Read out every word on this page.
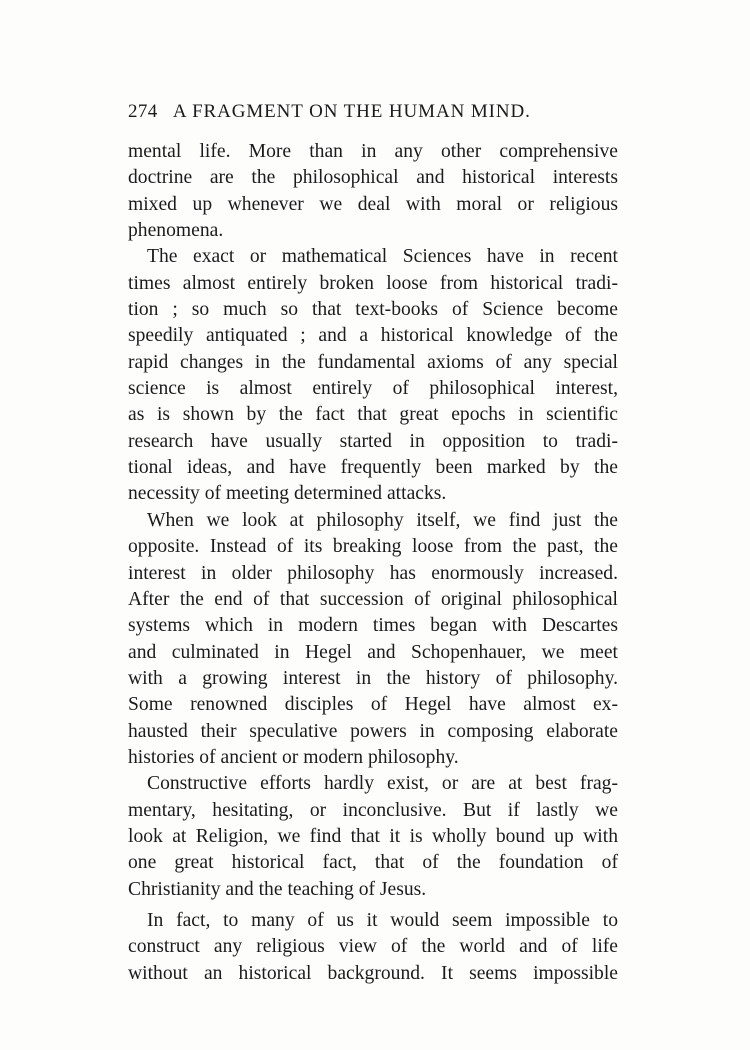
274 A FRAGMENT ON THE HUMAN MIND.
mental life. More than in any other comprehensive
doctrine are the philosophical and historical interests
mixed up whenever we deal with moral or religious
phenomena.
The exact or mathematical Sciences have in recent
times almost entirely broken loose from historical tradi-
tion ; so much so that text-books of Science become
speedily antiquated ; and a historical knowledge of the
rapid changes in the fundamental axioms of any special
science is almost entirely of philosophical interest,
as is shown by the fact that great epochs in scientific
research have usually started in opposition to tradi-
tional ideas, and have frequently been marked by the
necessity of meeting determined attacks.
When we look at philosophy itself, we find just the
opposite. Instead of its breaking loose from the past, the
interest in older philosophy has enormously increased.
After the end of that succession of original philosophical
systems which in modern times began with Descartes
and culminated in Hegel and Schopenhauer, we meet
with a growing interest in the history of philosophy.
Some renowned disciples of Hegel have almost ex-
hausted their speculative powers in composing elaborate
histories of ancient or modern philosophy.
Constructive efforts hardly exist, or are at best frag-
mentary, hesitating, or inconclusive. But if lastly we
look at Religion, we find that it is wholly bound up with
one great historical fact, that of the foundation of
Christianity and the teaching of Jesus.
In fact, to many of us it would seem impossible to
construct any religious view of the world and of life
without an historical background. It seems impossible
